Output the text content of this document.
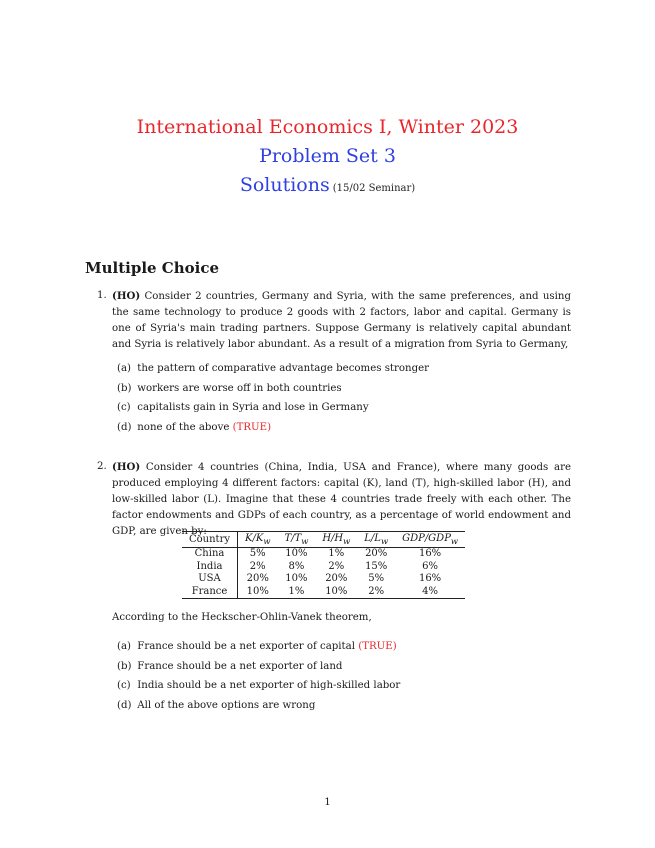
International Economics I, Winter 2023
Problem Set 3
Solutions (15/02 Seminar)
Multiple Choice
1. (HO) Consider 2 countries, Germany and Syria, with the same preferences, and using the same technology to produce 2 goods with 2 factors, labor and capital. Germany is one of Syria's main trading partners. Suppose Germany is relatively capital abundant and Syria is relatively labor abundant. As a result of a migration from Syria to Germany,
(a) the pattern of comparative advantage becomes stronger
(b) workers are worse off in both countries
(c) capitalists gain in Syria and lose in Germany
(d) none of the above (TRUE)
2. (HO) Consider 4 countries (China, India, USA and France), where many goods are produced employing 4 different factors: capital (K), land (T), high-skilled labor (H), and low-skilled labor (L). Imagine that these 4 countries trade freely with each other. The factor endowments and GDPs of each country, as a percentage of world endowment and GDP, are given by:
Country	$K/K_w$	$T/T_w$	$H/H_w$	$L/L_w$	GDP/$GDP_w$
China	5%	10%	1%	20%	16%
India	2%	8%	2%	15%	6%
USA	20%	10%	20%	5%	16%
France	10%	1%	10%	2%	4%
According to the Heckscher-Ohlin-Vanek theorem,
(a) France should be a net exporter of capital (TRUE)
(b) France should be a net exporter of land
(c) India should be a net exporter of high-skilled labor
(d) All of the above options are wrong
1
